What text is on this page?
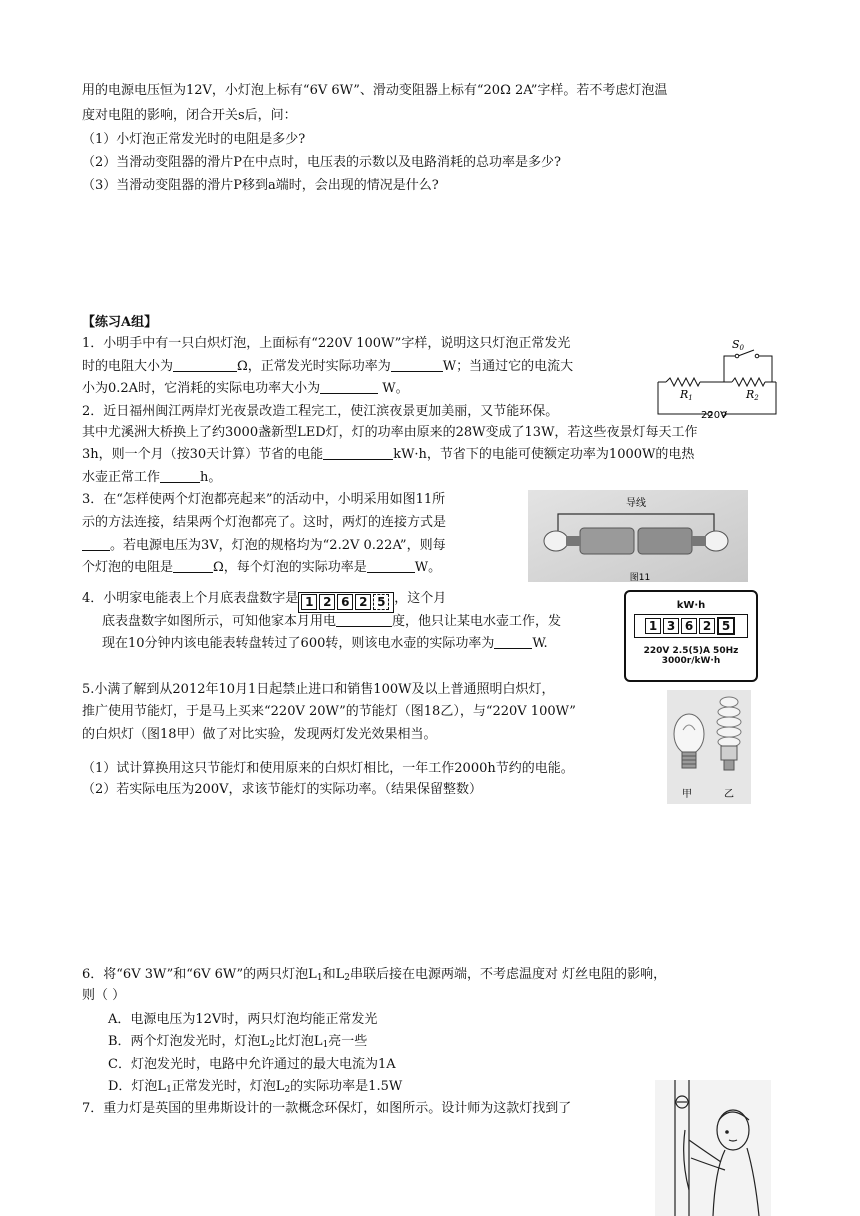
用的电源电压恒为12V，小灯泡上标有“6V 6W”、滑动变阻器上标有“20Ω 2A”字样。若不考虑灯泡温
度对电阻的影响，闭合开关s后，问：
（1）小灯泡正常发光时的电阻是多少?
（2）当滑动变阻器的滑片P在中点时，电压表的示数以及电路消耗的总功率是多少?
（3）当滑动变阻器的滑片P移到a端时，会出现的情况是什么?
【练习A组】
1．小明手中有一只白炽灯泡，上面标有“220V 100W”字样，说明这只灯泡正常发光
时的电阻大小为	Ω，正常发光时实际功率为	W；当通过它的电流大
小为0.2A时，它消耗的实际电功率大小为	W。
S0
R1	R2
220V
2．近日福州闽江两岸灯光夜景改造工程完工，使江滨夜景更加美丽，又节能环保。
其中尤溪洲大桥换上了约3000盏新型LED灯，灯的功率由原来的28W变成了13W，若这些夜景灯每天工作
3h，则一个月（按30天计算）节省的电能	kW·h，节省下的电能可使额定功率为1000W的电热
水壶正常工作	h。
3．在“怎样使两个灯泡都亮起来”的活动中，小明采用如图11所
示的方法连接，结果两个灯泡都亮了。这时，两灯的连接方式是
。若电源电压为3V，灯泡的规格均为“2.2V 0.22A”，则每
个灯泡的电阻是	Ω，每个灯泡的实际功率是	W。
导线
图11
4．小明家电能表上个月底表盘数字是 1 2 6 2 5 ，这个月
底表盘数字如图所示，可知他家本月用电	度，他只让某电水壶工作，发
现在10分钟内该电能表转盘转过了600转，则该电水壶的实际功率为	W.
kW·h
1 3 6 2 5
220V 2.5(5)A 50Hz
3000r/kW·h
5.小满了解到从2012年10月1日起禁止进口和销售100W及以上普通照明白炽灯，
推广使用节能灯，于是马上买来“220V 20W”的节能灯（图18乙），与“220V 100W”
的白炽灯（图18甲）做了对比实验，发现两灯发光效果相当。
（1）试计算换用这只节能灯和使用原来的白炽灯相比，一年工作2000h节约的电能。
（2）若实际电压为200V，求该节能灯的实际功率。（结果保留整数）	甲	乙
6．将“6V 3W”和“6V 6W”的两只灯泡$L_1$和$L_2$串联后接在电源两端，不考虑温度对 灯丝电阻的影响，
则（ ）
A．电源电压为12V时，两只灯泡均能正常发光
B．两个灯泡发光时，灯泡$L_2$比灯泡$L_1$亮一些
C．灯泡发光时，电路中允许通过的最大电流为1A
D．灯泡$L_1$正常发光时，灯泡$L_2$的实际功率是1.5W
7．重力灯是英国的里弗斯设计的一款概念环保灯，如图所示。设计师为这款灯找到了
